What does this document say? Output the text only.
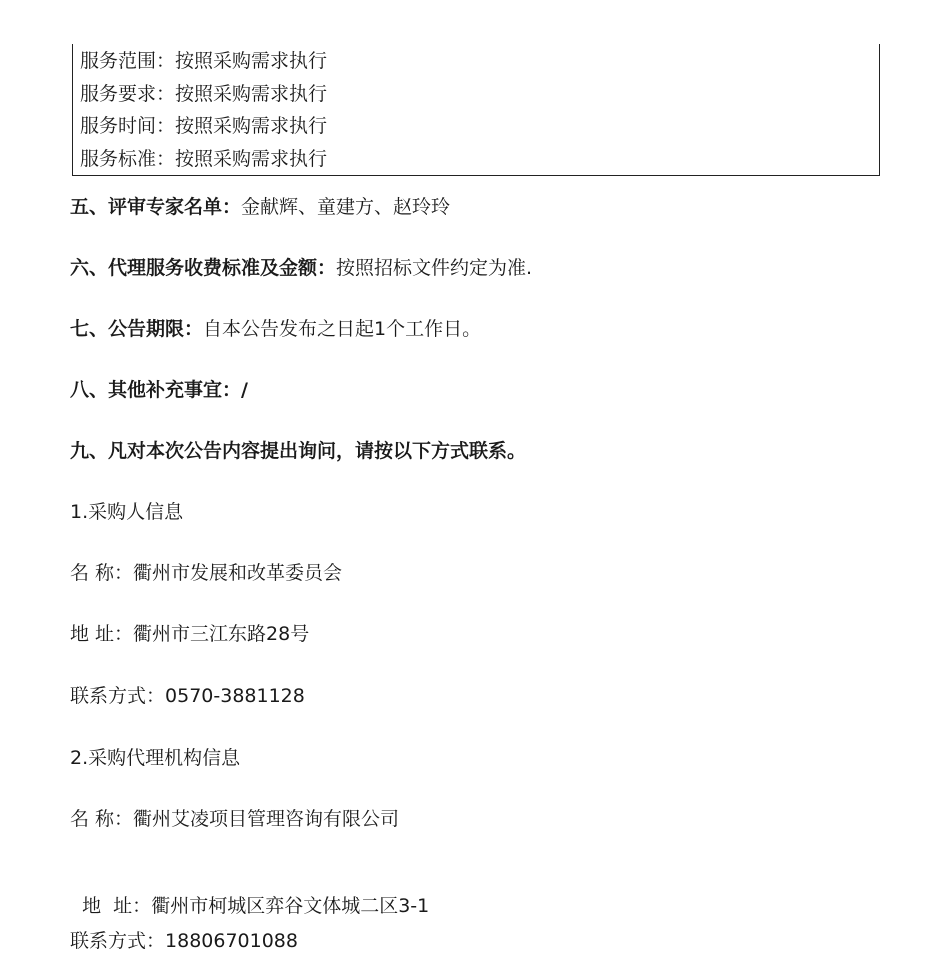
服务范围：按照采购需求执行
服务要求：按照采购需求执行
服务时间：按照采购需求执行
服务标准：按照采购需求执行
五、评审专家名单：金献辉、童建方、赵玲玲
六、代理服务收费标准及金额：按照招标文件约定为准.
七、公告期限：自本公告发布之日起1个工作日。
八、其他补充事宜：/
九、凡对本次公告内容提出询问，请按以下方式联系。
1.采购人信息
名 称：衢州市发展和改革委员会
地 址：衢州市三江东路28号
联系方式：0570-3881128
2.采购代理机构信息
名 称：衢州艾凌项目管理咨询有限公司

地  址：衢州市柯城区弈谷文体城二区3-1

联系方式：18806701088
